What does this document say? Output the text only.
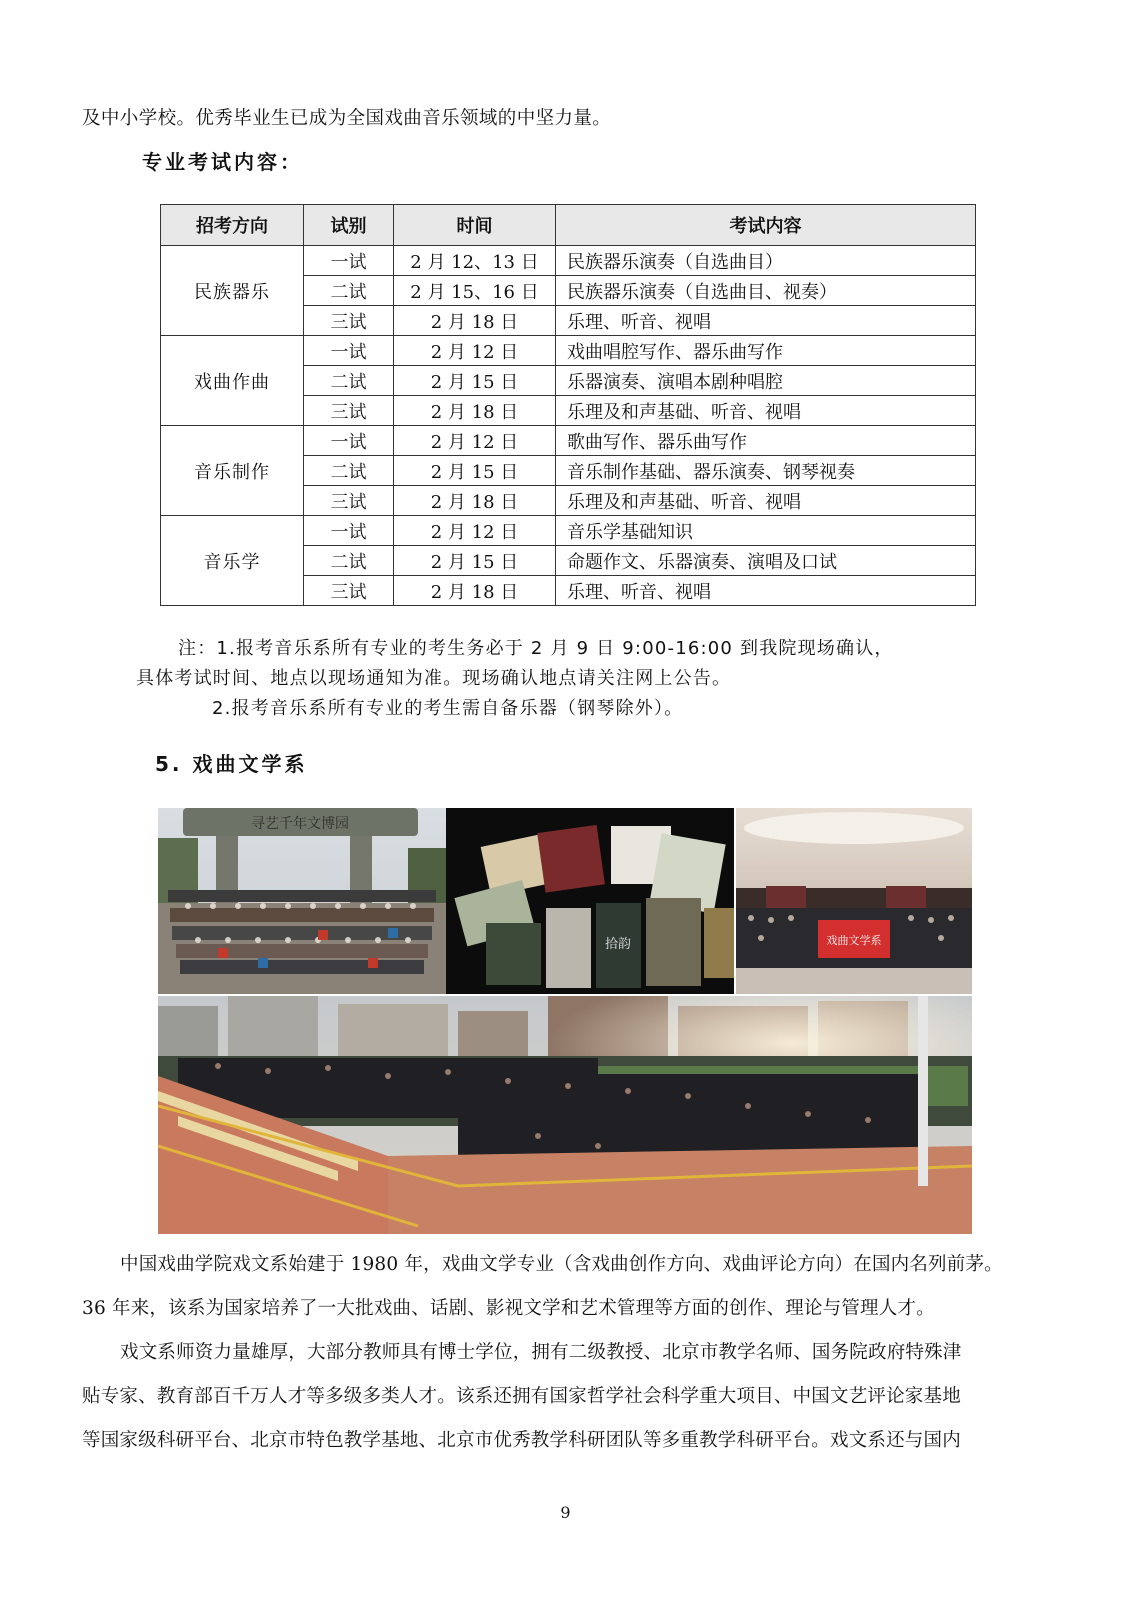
及中小学校。优秀毕业生已成为全国戏曲音乐领域的中坚力量。
专业考试内容：
招考方向	试别	时间	考试内容
民族器乐	一试	2 月 12、13 日	民族器乐演奏（自选曲目）
	二试	2 月 15、16 日	民族器乐演奏（自选曲目、视奏）
	三试	2 月 18 日	乐理、听音、视唱
戏曲作曲	一试	2 月 12 日	戏曲唱腔写作、器乐曲写作
	二试	2 月 15 日	乐器演奏、演唱本剧种唱腔
	三试	2 月 18 日	乐理及和声基础、听音、视唱
音乐制作	一试	2 月 12 日	歌曲写作、器乐曲写作
	二试	2 月 15 日	音乐制作基础、器乐演奏、钢琴视奏
	三试	2 月 18 日	乐理及和声基础、听音、视唱
音乐学	一试	2 月 12 日	音乐学基础知识
	二试	2 月 15 日	命题作文、乐器演奏、演唱及口试
	三试	2 月 18 日	乐理、听音、视唱
注：1.报考音乐系所有专业的考生务必于 2 月 9 日 9:00-16:00 到我院现场确认，
具体考试时间、地点以现场通知为准。现场确认地点请关注网上公告。
2.报考音乐系所有专业的考生需自备乐器（钢琴除外）。
5. 戏曲文学系
寻艺千年文博园
拾韵	戏曲文学系
中国戏曲学院戏文系始建于 1980 年，戏曲文学专业（含戏曲创作方向、戏曲评论方向）在国内名列前茅。
36 年来，该系为国家培养了一大批戏曲、话剧、影视文学和艺术管理等方面的创作、理论与管理人才。
戏文系师资力量雄厚，大部分教师具有博士学位，拥有二级教授、北京市教学名师、国务院政府特殊津
贴专家、教育部百千万人才等多级多类人才。该系还拥有国家哲学社会科学重大项目、中国文艺评论家基地
等国家级科研平台、北京市特色教学基地、北京市优秀教学科研团队等多重教学科研平台。戏文系还与国内
9
